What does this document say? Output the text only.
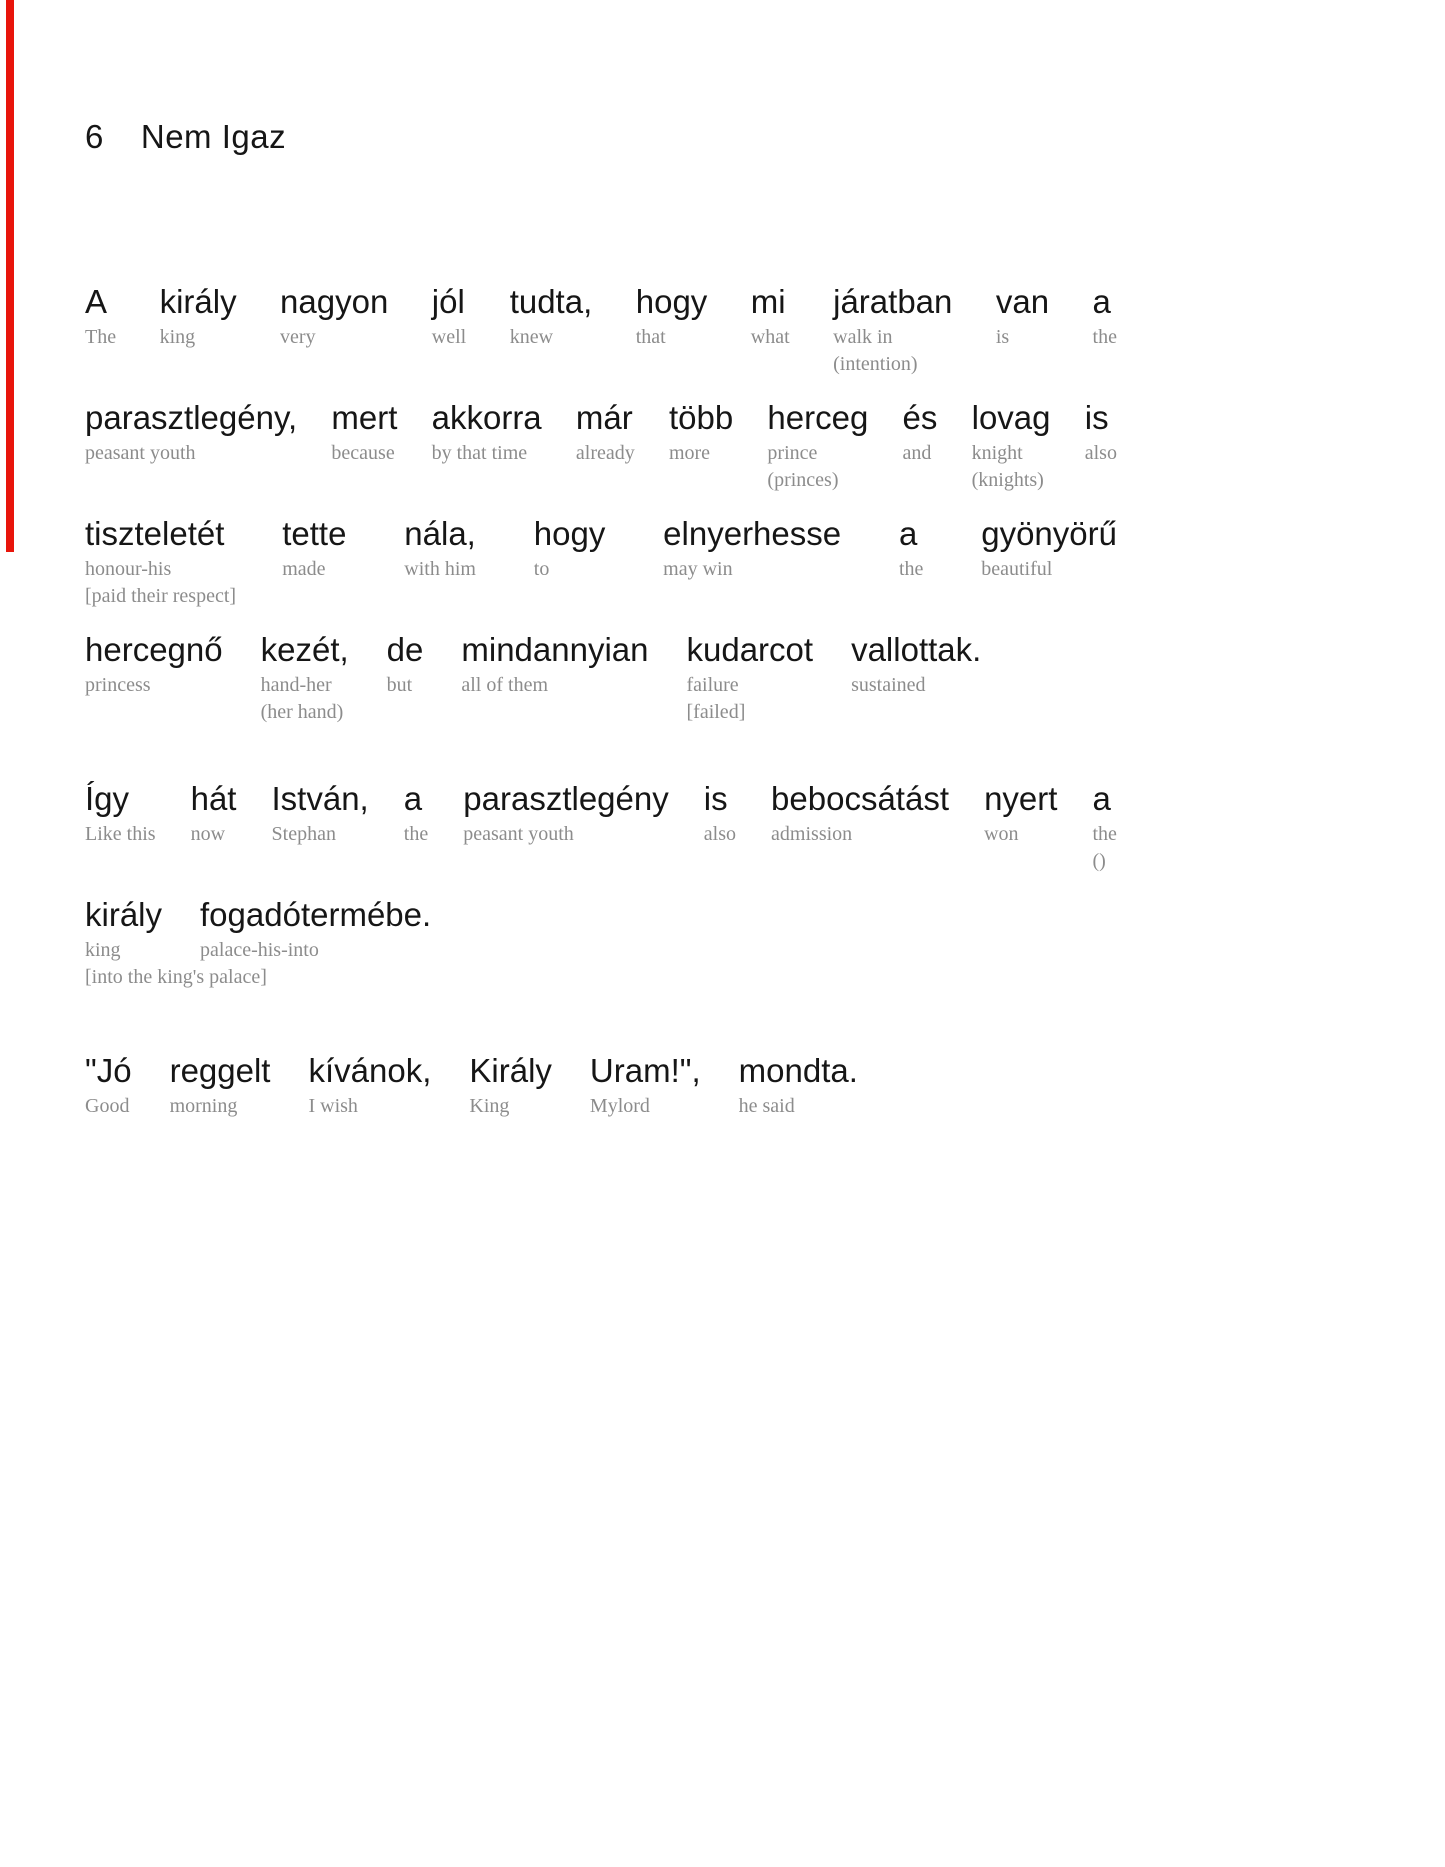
6 Nem Igaz
A
The
király
king
nagyon
very
jól
well
tudta,
knew
hogy
that
mi
what
járatban
walk in
(intention)
van
is
a
the
parasztlegény,
peasant youth
mert
because
akkorra
by that time
már
already
több
more
herceg
prince
(princes)
és
and
lovag
knight
(knights)
is
also
tiszteletét
honour-his
[paid their respect]
tette
made
nála,
with him
hogy
to
elnyerhesse
may win
a
the
gyönyörű
beautiful
hercegnő
princess
kezét,
hand-her
(her hand)
de
but
mindannyian
all of them
kudarcot
failure
[failed]
vallottak.
sustained
Így
Like this
hát
now
István,
Stephan
a
the
parasztlegény
peasant youth
is
also
bebocsátást
admission
nyert
won
a
the
()
király
king
[into the king's palace]
fogadótermébe.
palace-his-into
"Jó
Good
reggelt
morning
kívánok,
I wish
Király
King
Uram!",
Mylord
mondta.
he said
